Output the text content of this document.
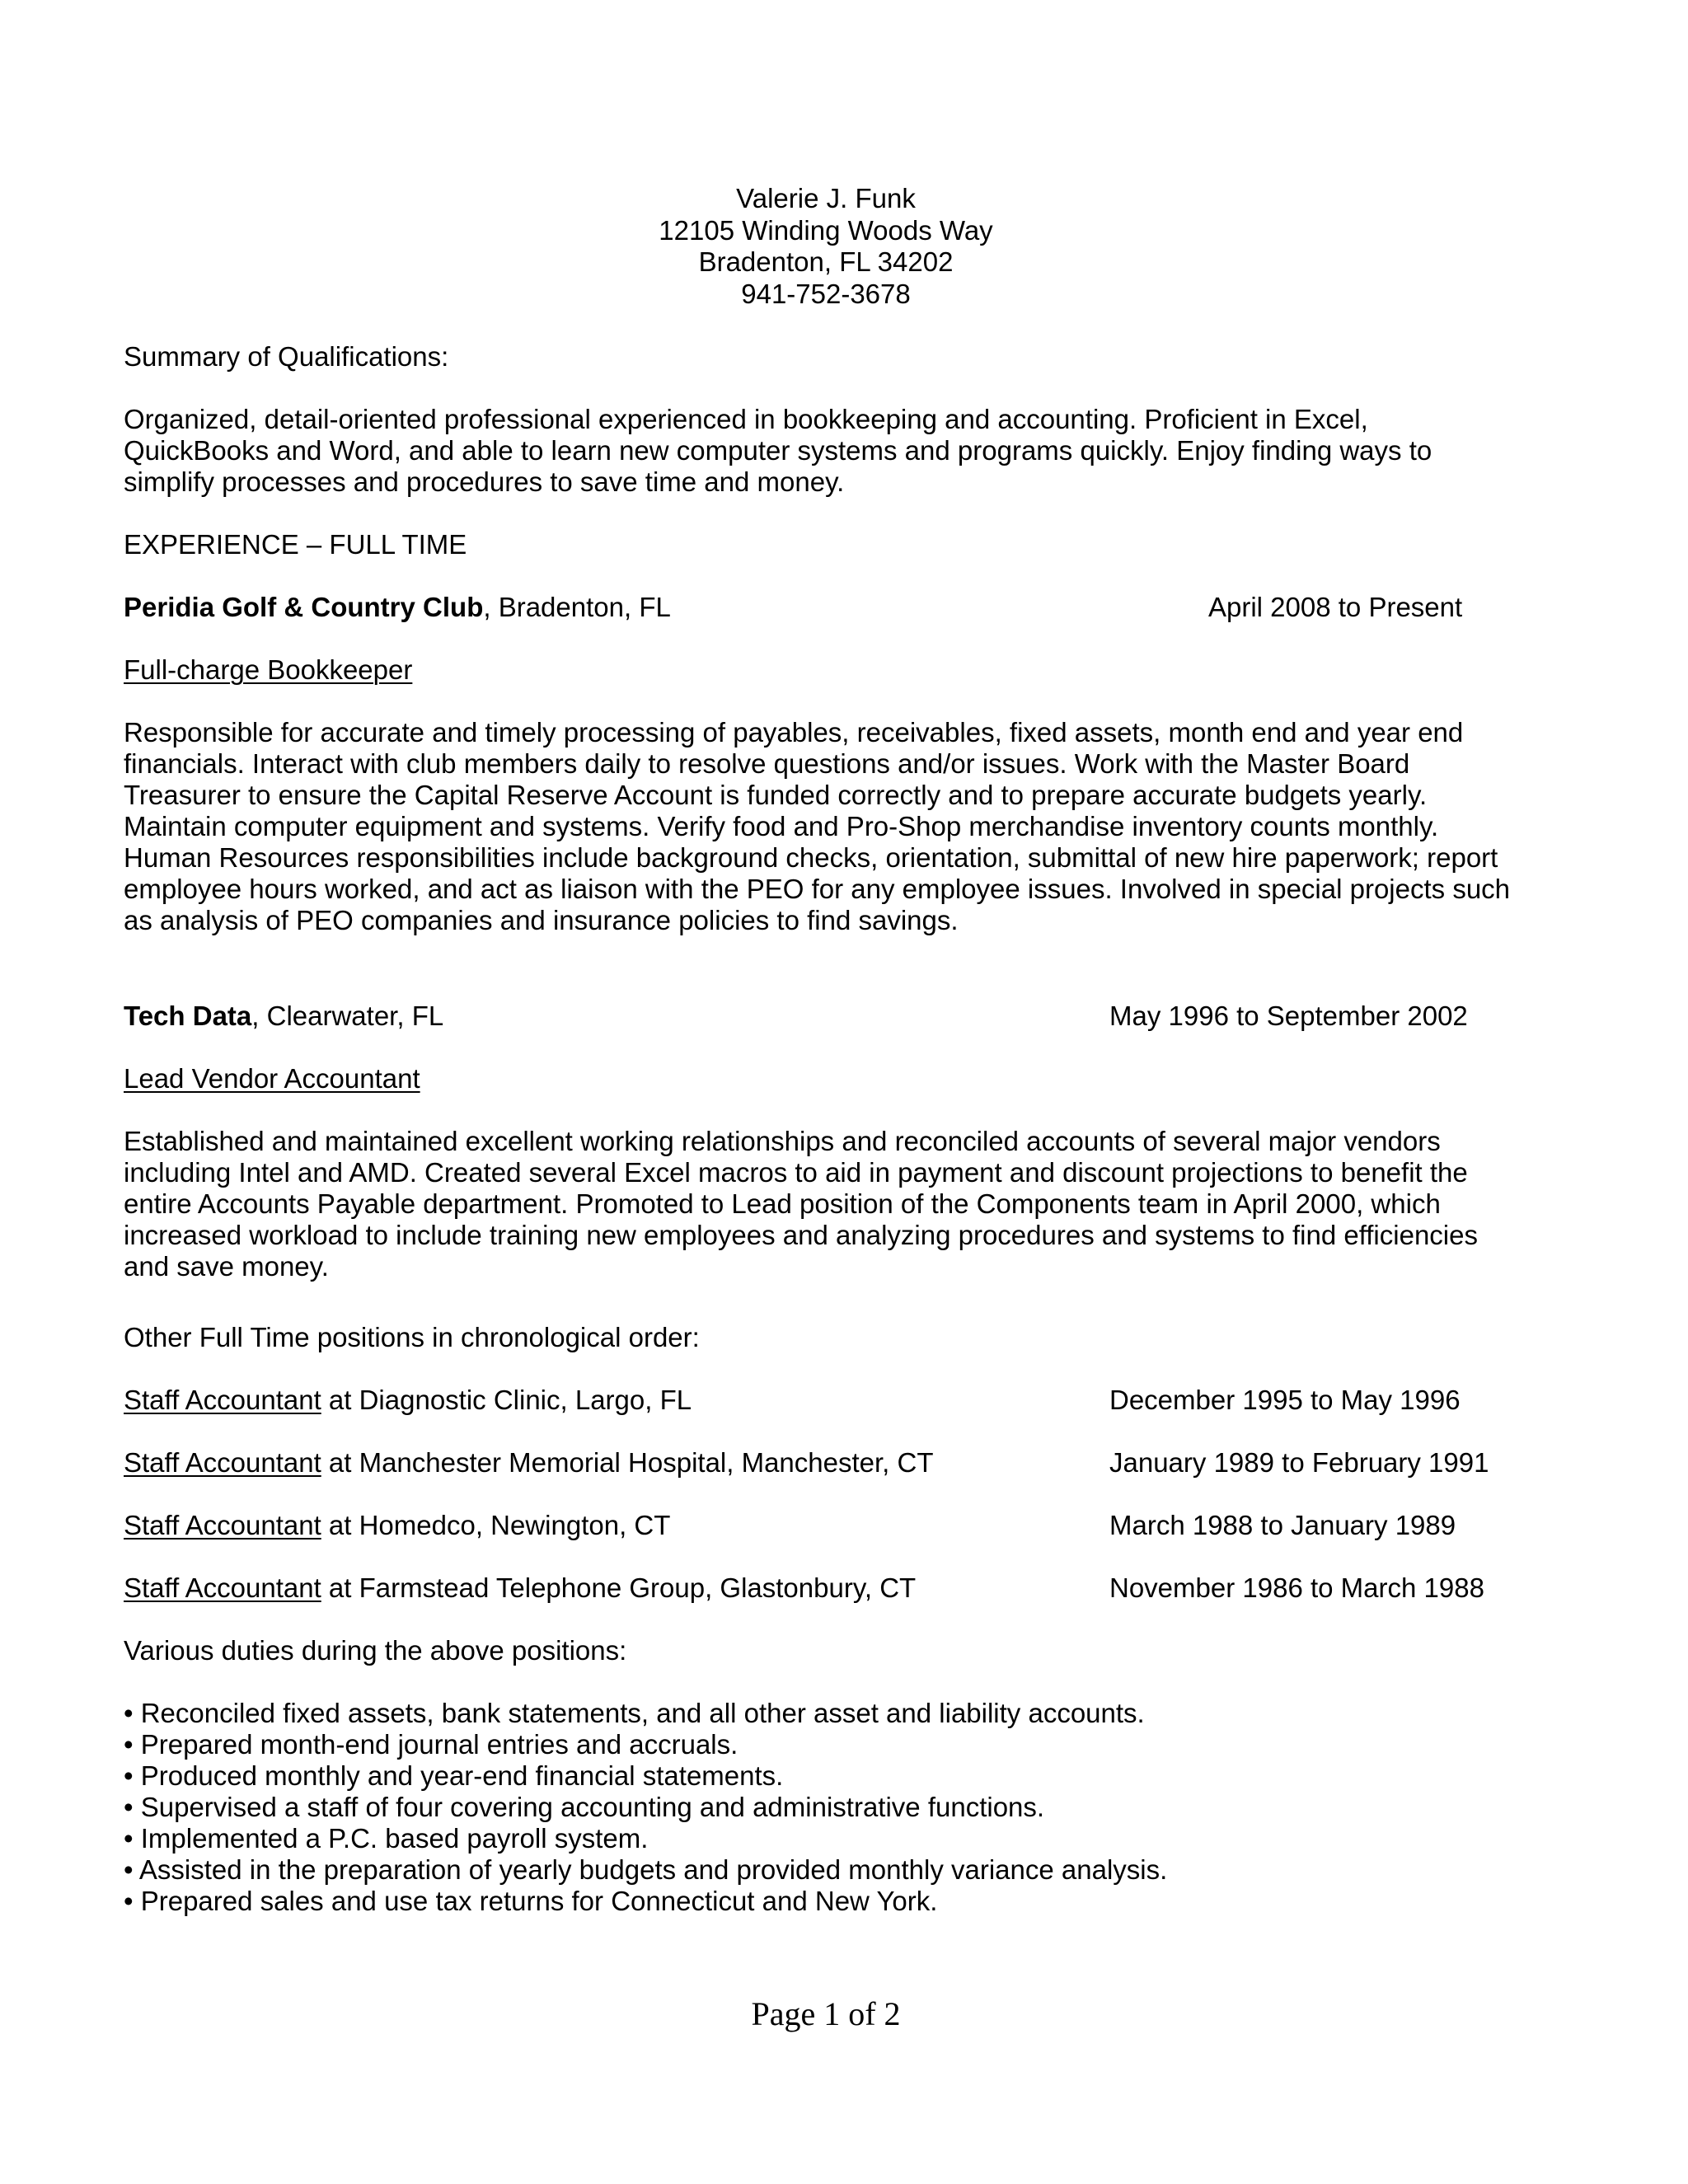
Valerie J. Funk
12105 Winding Woods Way
Bradenton, FL 34202
941-752-3678
Summary of Qualifications:
Organized, detail-oriented professional experienced in bookkeeping and accounting. Proficient in Excel,
QuickBooks and Word, and able to learn new computer systems and programs quickly. Enjoy finding ways to
simplify processes and procedures to save time and money.
EXPERIENCE – FULL TIME
Peridia Golf & Country Club, Bradenton, FL	April 2008 to Present
Full-charge Bookkeeper
Responsible for accurate and timely processing of payables, receivables, fixed assets, month end and year end
financials. Interact with club members daily to resolve questions and/or issues. Work with the Master Board
Treasurer to ensure the Capital Reserve Account is funded correctly and to prepare accurate budgets yearly.
Maintain computer equipment and systems. Verify food and Pro-Shop merchandise inventory counts monthly.
Human Resources responsibilities include background checks, orientation, submittal of new hire paperwork; report
employee hours worked, and act as liaison with the PEO for any employee issues. Involved in special projects such
as analysis of PEO companies and insurance policies to find savings.
Tech Data, Clearwater, FL	May 1996 to September 2002
Lead Vendor Accountant
Established and maintained excellent working relationships and reconciled accounts of several major vendors
including Intel and AMD. Created several Excel macros to aid in payment and discount projections to benefit the
entire Accounts Payable department. Promoted to Lead position of the Components team in April 2000, which
increased workload to include training new employees and analyzing procedures and systems to find efficiencies
and save money.
Other Full Time positions in chronological order:
Staff Accountant at Diagnostic Clinic, Largo, FL	December 1995 to May 1996
Staff Accountant at Manchester Memorial Hospital, Manchester, CT	January 1989 to February 1991
Staff Accountant at Homedco, Newington, CT	March 1988 to January 1989
Staff Accountant at Farmstead Telephone Group, Glastonbury, CT	November 1986 to March 1988
Various duties during the above positions:
• Reconciled fixed assets, bank statements, and all other asset and liability accounts.
• Prepared month-end journal entries and accruals.
• Produced monthly and year-end financial statements.
• Supervised a staff of four covering accounting and administrative functions.
• Implemented a P.C. based payroll system.
• Assisted in the preparation of yearly budgets and provided monthly variance analysis.
• Prepared sales and use tax returns for Connecticut and New York.
Page 1 of 2
